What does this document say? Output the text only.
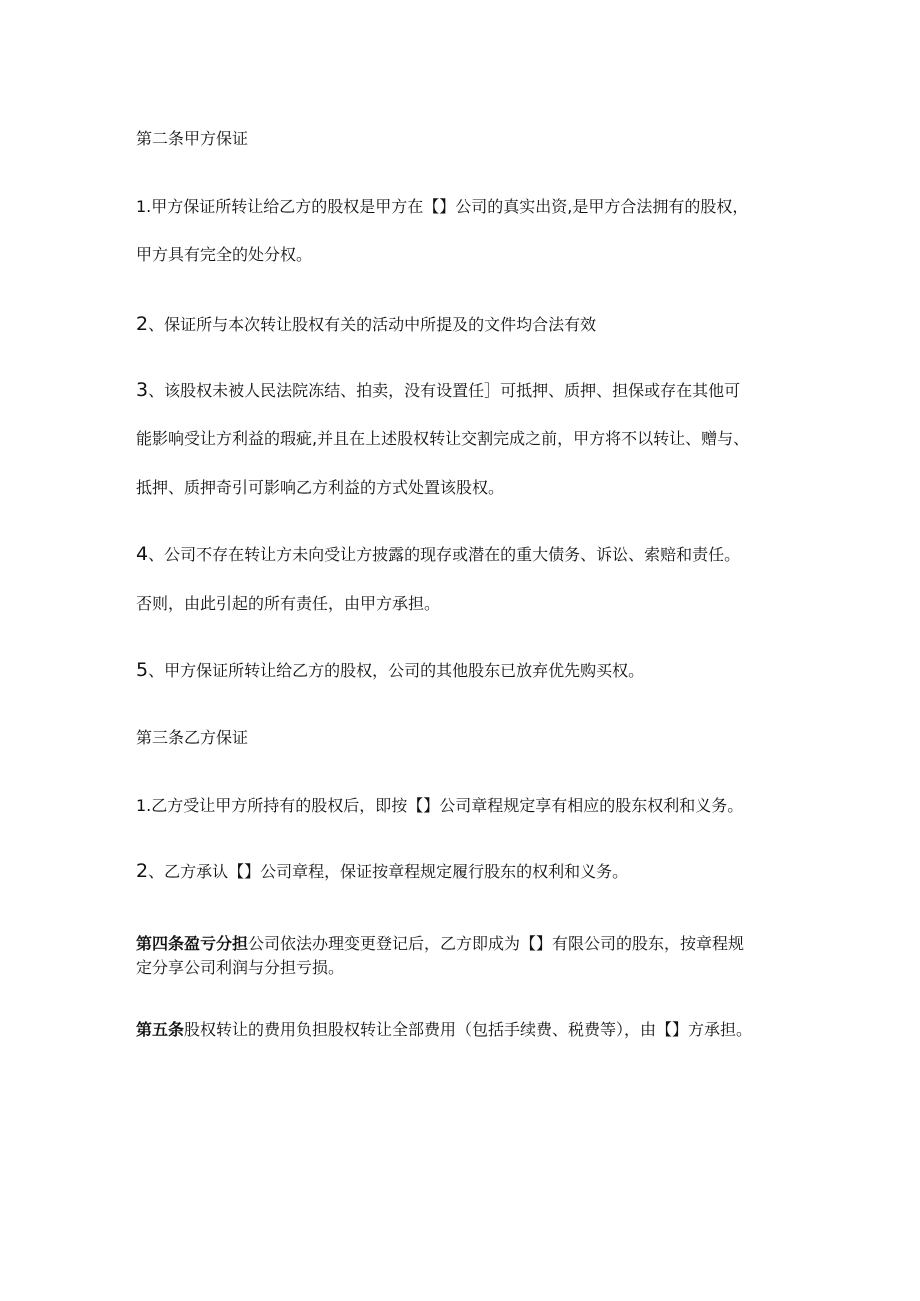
第二条甲方保证
1.甲方保证所转让给乙方的股权是甲方在【】公司的真实出资,是甲方合法拥有的股权，
甲方具有完全的处分权。
2、保证所与本次转让股权有关的活动中所提及的文件均合法有效
3、该股权未被人民法院冻结、拍卖，没有设置任］可抵押、质押、担保或存在其他可
能影响受让方利益的瑕疵,并且在上述股权转让交割完成之前，甲方将不以转让、赠与、
抵押、质押奇引可影响乙方利益的方式处置该股权。
4、公司不存在转让方未向受让方披露的现存或潜在的重大债务、诉讼、索赔和责任。
否则，由此引起的所有责任，由甲方承担。
5、甲方保证所转让给乙方的股权，公司的其他股东已放弃优先购买权。
第三条乙方保证
1.乙方受让甲方所持有的股权后，即按【】公司章程规定享有相应的股东权利和义务。
2、乙方承认【】公司章程，保证按章程规定履行股东的权利和义务。
第四条盈亏分担公司依法办理变更登记后，乙方即成为【】有限公司的股东，按章程规
定分享公司利润与分担亏损。
第五条股权转让的费用负担股权转让全部费用（包括手续费、税费等），由【】方承担。
